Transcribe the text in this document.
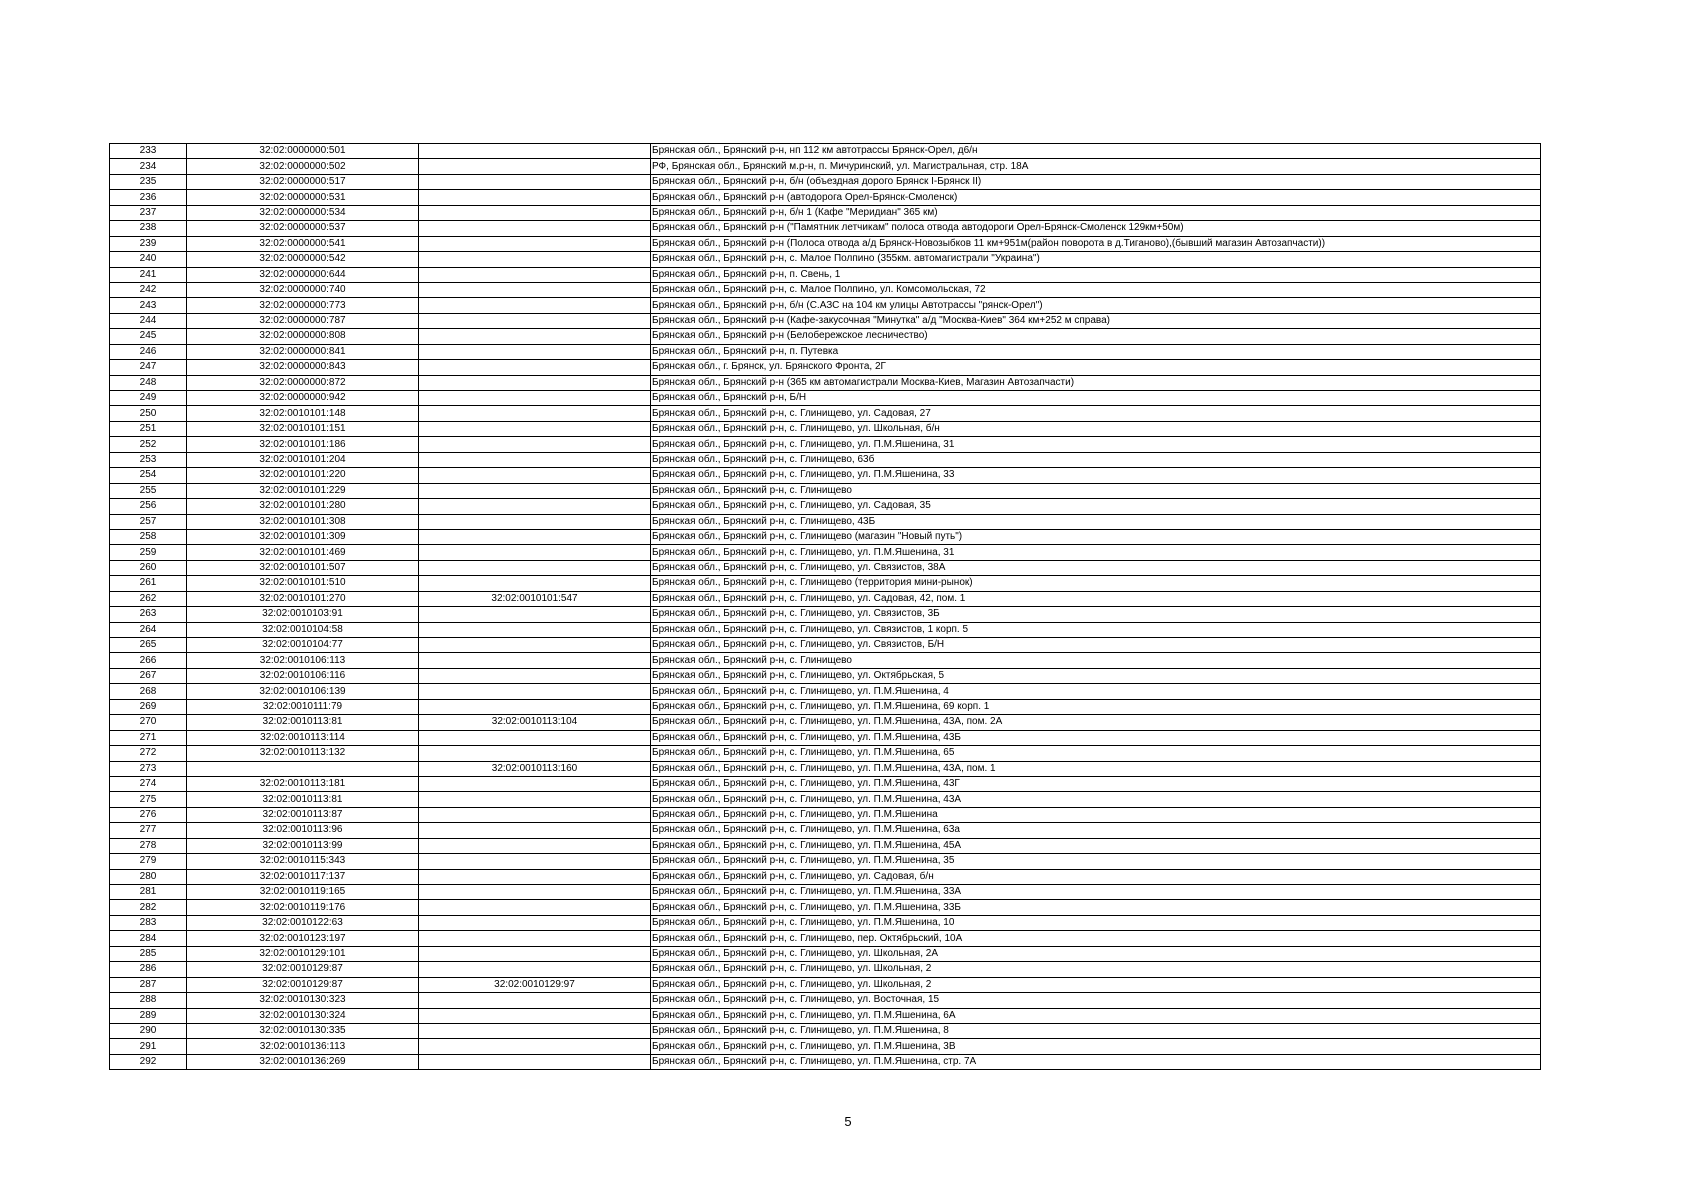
233	32:02:0000000:501		Брянская обл., Брянский р-н, нп 112 км автотрассы Брянск-Орел, д6/н
234	32:02:0000000:502		РФ, Брянская обл., Брянский м.р-н, п. Мичуринский, ул. Магистральная, стр. 18А
235	32:02:0000000:517		Брянская обл., Брянский р-н, б/н (объездная дорого Брянск I-Брянск II)
236	32:02:0000000:531		Брянская обл., Брянский р-н (автодорога Орел-Брянск-Смоленск)
237	32:02:0000000:534		Брянская обл., Брянский р-н, б/н 1 (Кафе "Меридиан" 365 км)
238	32:02:0000000:537		Брянская обл., Брянский р-н ("Памятник летчикам" полоса отвода автодороги Орел-Брянск-Смоленск 129км+50м)
239	32:02:0000000:541		Брянская обл., Брянский р-н (Полоса отвода а/д Брянск-Новозыбков 11 км+951м(район поворота в д.Тиганово),(бывший магазин Автозапчасти))
240	32:02:0000000:542		Брянская обл., Брянский р-н, с. Малое Полпино (355км. автомагистрали "Украина")
241	32:02:0000000:644		Брянская обл., Брянский р-н, п. Свень, 1
242	32:02:0000000:740		Брянская обл., Брянский р-н, с. Малое Полпино, ул. Комсомольская, 72
243	32:02:0000000:773		Брянская обл., Брянский р-н, б/н (С.АЗС на 104 км улицы Автотрассы "рянск-Орел")
244	32:02:0000000:787		Брянская обл., Брянский р-н (Кафе-закусочная "Минутка" а/д "Москва-Киев" 364 км+252 м справа)
245	32:02:0000000:808		Брянская обл., Брянский р-н (Белобережское лесничество)
246	32:02:0000000:841		Брянская обл., Брянский р-н, п. Путевка
247	32:02:0000000:843		Брянская обл., г. Брянск, ул. Брянского Фронта, 2Г
248	32:02:0000000:872		Брянская обл., Брянский р-н (365 км автомагистрали Москва-Киев, Магазин Автозапчасти)
249	32:02:0000000:942		Брянская обл., Брянский р-н, Б/Н
250	32:02:0010101:148		Брянская обл., Брянский р-н, с. Глинищево, ул. Садовая, 27
251	32:02:0010101:151		Брянская обл., Брянский р-н, с. Глинищево, ул. Школьная, б/н
252	32:02:0010101:186		Брянская обл., Брянский р-н, с. Глинищево, ул. П.М.Яшенина, 31
253	32:02:0010101:204		Брянская обл., Брянский р-н, с. Глинищево, 63б
254	32:02:0010101:220		Брянская обл., Брянский р-н, с. Глинищево, ул. П.М.Яшенина, 33
255	32:02:0010101:229		Брянская обл., Брянский р-н, с. Глинищево
256	32:02:0010101:280		Брянская обл., Брянский р-н, с. Глинищево, ул. Садовая, 35
257	32:02:0010101:308		Брянская обл., Брянский р-н, с. Глинищево, 43Б
258	32:02:0010101:309		Брянская обл., Брянский р-н, с. Глинищево (магазин "Новый путь")
259	32:02:0010101:469		Брянская обл., Брянский р-н, с. Глинищево, ул. П.М.Яшенина, 31
260	32:02:0010101:507		Брянская обл., Брянский р-н, с. Глинищево, ул. Связистов, 38А
261	32:02:0010101:510		Брянская обл., Брянский р-н, с. Глинищево (территория мини-рынок)
262	32:02:0010101:270	32:02:0010101:547	Брянская обл., Брянский р-н, с. Глинищево, ул. Садовая, 42, пом. 1
263	32:02:0010103:91		Брянская обл., Брянский р-н, с. Глинищево, ул. Связистов, 3Б
264	32:02:0010104:58		Брянская обл., Брянский р-н, с. Глинищево, ул. Связистов, 1 корп. 5
265	32:02:0010104:77		Брянская обл., Брянский р-н, с. Глинищево, ул. Связистов, Б/Н
266	32:02:0010106:113		Брянская обл., Брянский р-н, с. Глинищево
267	32:02:0010106:116		Брянская обл., Брянский р-н, с. Глинищево, ул. Октябрьская, 5
268	32:02:0010106:139		Брянская обл., Брянский р-н, с. Глинищево, ул. П.М.Яшенина, 4
269	32:02:0010111:79		Брянская обл., Брянский р-н, с. Глинищево, ул. П.М.Яшенина, 69 корп. 1
270	32:02:0010113:81	32:02:0010113:104	Брянская обл., Брянский р-н, с. Глинищево, ул. П.М.Яшенина, 43А, пом. 2А
271	32:02:0010113:114		Брянская обл., Брянский р-н, с. Глинищево, ул. П.М.Яшенина, 43Б
272	32:02:0010113:132		Брянская обл., Брянский р-н, с. Глинищево, ул. П.М.Яшенина, 65
273		32:02:0010113:160	Брянская обл., Брянский р-н, с. Глинищево, ул. П.М.Яшенина, 43А, пом. 1
274	32:02:0010113:181		Брянская обл., Брянский р-н, с. Глинищево, ул. П.М.Яшенина, 43Г
275	32:02:0010113:81		Брянская обл., Брянский р-н, с. Глинищево, ул. П.М.Яшенина, 43А
276	32:02:0010113:87		Брянская обл., Брянский р-н, с. Глинищево, ул. П.М.Яшенина
277	32:02:0010113:96		Брянская обл., Брянский р-н, с. Глинищево, ул. П.М.Яшенина, 63а
278	32:02:0010113:99		Брянская обл., Брянский р-н, с. Глинищево, ул. П.М.Яшенина, 45А
279	32:02:0010115:343		Брянская обл., Брянский р-н, с. Глинищево, ул. П.М.Яшенина, 35
280	32:02:0010117:137		Брянская обл., Брянский р-н, с. Глинищево, ул. Садовая, б/н
281	32:02:0010119:165		Брянская обл., Брянский р-н, с. Глинищево, ул. П.М.Яшенина, 33А
282	32:02:0010119:176		Брянская обл., Брянский р-н, с. Глинищево, ул. П.М.Яшенина, 33Б
283	32:02:0010122:63		Брянская обл., Брянский р-н, с. Глинищево, ул. П.М.Яшенина, 10
284	32:02:0010123:197		Брянская обл., Брянский р-н, с. Глинищево, пер. Октябрьский, 10А
285	32:02:0010129:101		Брянская обл., Брянский р-н, с. Глинищево, ул. Школьная, 2А
286	32:02:0010129:87		Брянская обл., Брянский р-н, с. Глинищево, ул. Школьная, 2
287	32:02:0010129:87	32:02:0010129:97	Брянская обл., Брянский р-н, с. Глинищево, ул. Школьная, 2
288	32:02:0010130:323		Брянская обл., Брянский р-н, с. Глинищево, ул. Восточная, 15
289	32:02:0010130:324		Брянская обл., Брянский р-н, с. Глинищево, ул. П.М.Яшенина, 6А
290	32:02:0010130:335		Брянская обл., Брянский р-н, с. Глинищево, ул. П.М.Яшенина, 8
291	32:02:0010136:113		Брянская обл., Брянский р-н, с. Глинищево, ул. П.М.Яшенина, 3В
292	32:02:0010136:269		Брянская обл., Брянский р-н, с. Глинищево, ул. П.М.Яшенина, стр. 7А
5
